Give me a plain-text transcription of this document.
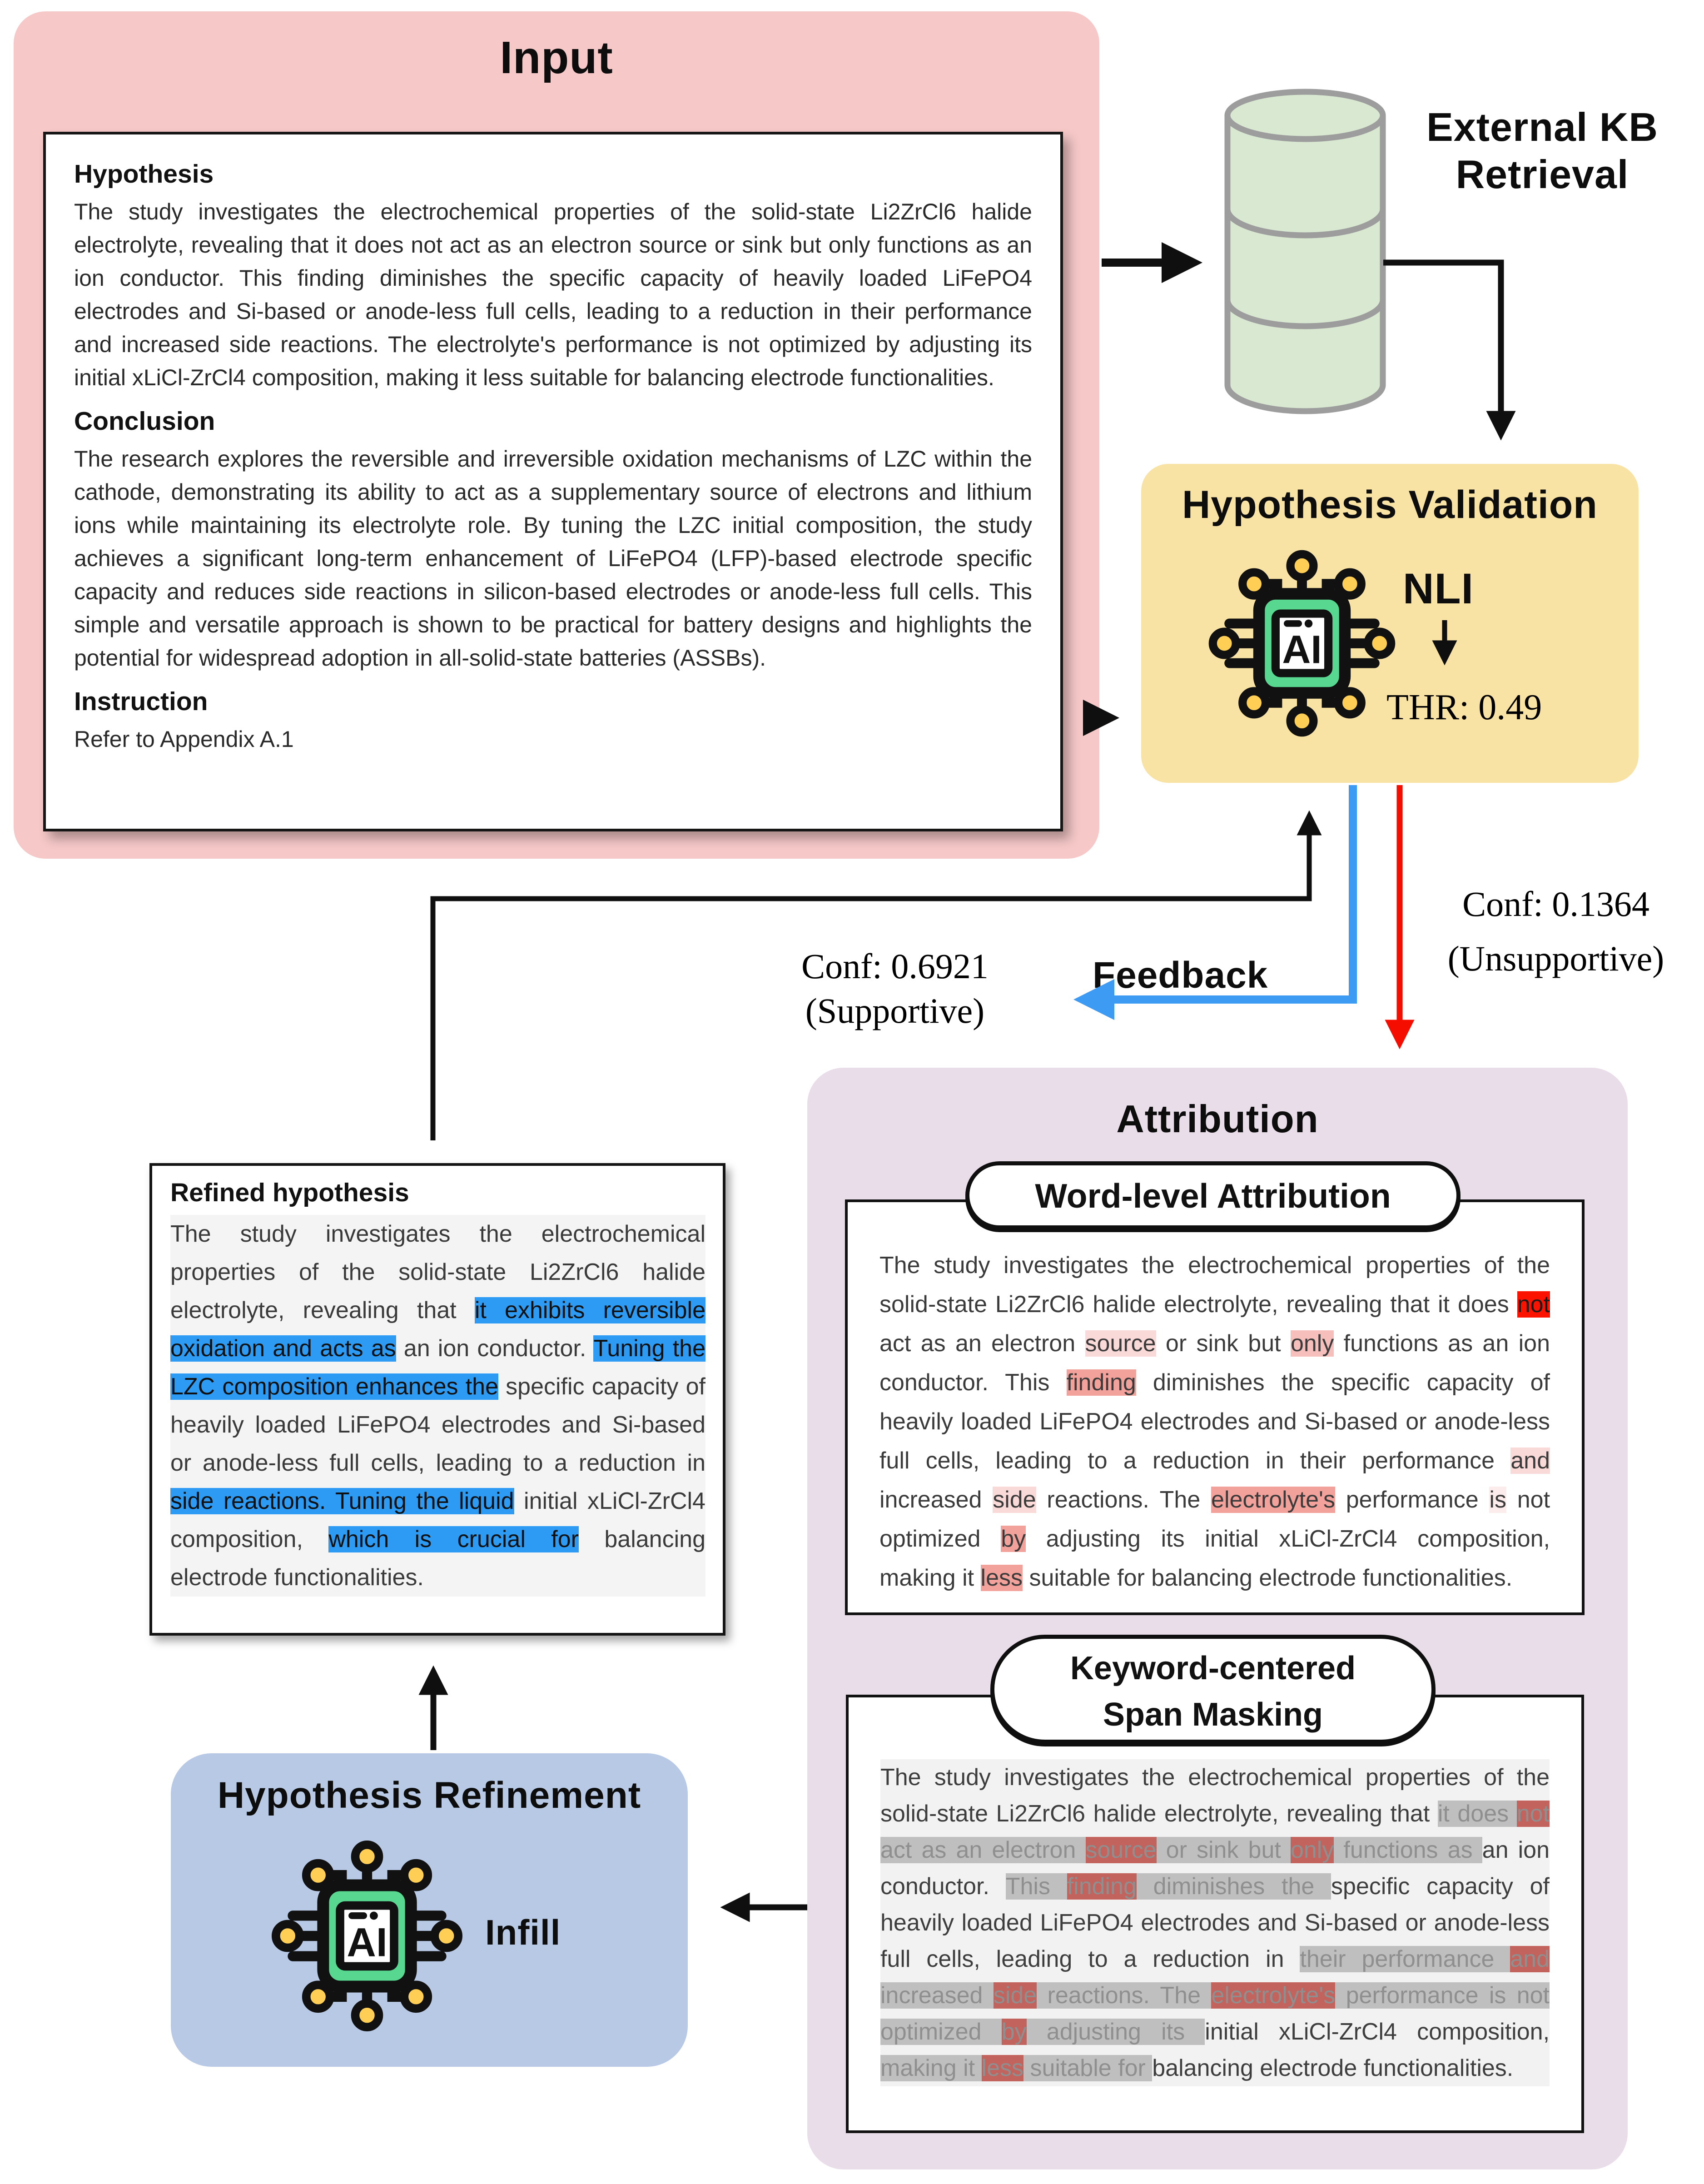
Input
Hypothesis

The study investigates the electrochemical properties of the solid-state Li2ZrCl6 halide electrolyte, revealing that it does not act as an electron source or sink but only functions as an ion conductor. This finding diminishes the specific capacity of heavily loaded LiFePO4 electrodes and Si-based or anode-less full cells, leading to a reduction in their performance and increased side reactions. The electrolyte's performance is not optimized by adjusting its initial xLiCl-ZrCl4 composition, making it less suitable for balancing electrode functionalities.

Conclusion

The research explores the reversible and irreversible oxidation mechanisms of LZC within the cathode, demonstrating its ability to act as a supplementary source of electrons and lithium ions while maintaining its electrolyte role. By tuning the LZC initial composition, the study achieves a significant long-term enhancement of LiFePO4 (LFP)-based electrode specific capacity and reduces side reactions in silicon-based electrodes or anode-less full cells. This simple and versatile approach is shown to be practical for battery designs and highlights the potential for widespread adoption in all-solid-state batteries (ASSBs).

Instruction

Refer to Appendix A.1

External KB Retrieval
Hypothesis Validation
AI
NLI
THR: 0.49
Conf: 0.6921
(Supportive)
Feedback
Conf: 0.1364
(Unsupportive)
Attribution
Word-level Attribution

The study investigates the electrochemical properties of the solid-state Li2ZrCl6 halide electrolyte, revealing that it does not act as an electron source or sink but only functions as an ion conductor. This finding diminishes the specific capacity of heavily loaded LiFePO4 electrodes and Si-based or anode-less full cells, leading to a reduction in their performance and increased side reactions. The electrolyte's performance is not optimized by adjusting its initial xLiCl-ZrCl4 composition, making it less suitable for balancing electrode functionalities.

Keyword-centered
Span Masking

The study investigates the electrochemical properties of the solid-state Li2ZrCl6 halide electrolyte, revealing that it does not act as an electron source or sink but only functions as an ion conductor. This finding diminishes the specific capacity of heavily loaded LiFePO4 electrodes and Si-based or anode-less full cells, leading to a reduction in their performance and increased side reactions. The electrolyte's performance is not optimized by adjusting its initial xLiCl-ZrCl4 composition, making it less suitable for balancing electrode functionalities.

Refined hypothesis

The study investigates the electrochemical properties of the solid-state Li2ZrCl6 halide electrolyte, revealing that it exhibits reversible oxidation and acts as an ion conductor. Tuning the LZC composition enhances the specific capacity of heavily loaded LiFePO4 electrodes and Si-based or anode-less full cells, leading to a reduction in side reactions. Tuning the liquid initial xLiCl-ZrCl4 composition, which is crucial for balancing electrode functionalities.

Hypothesis Refinement
AI	Infill
